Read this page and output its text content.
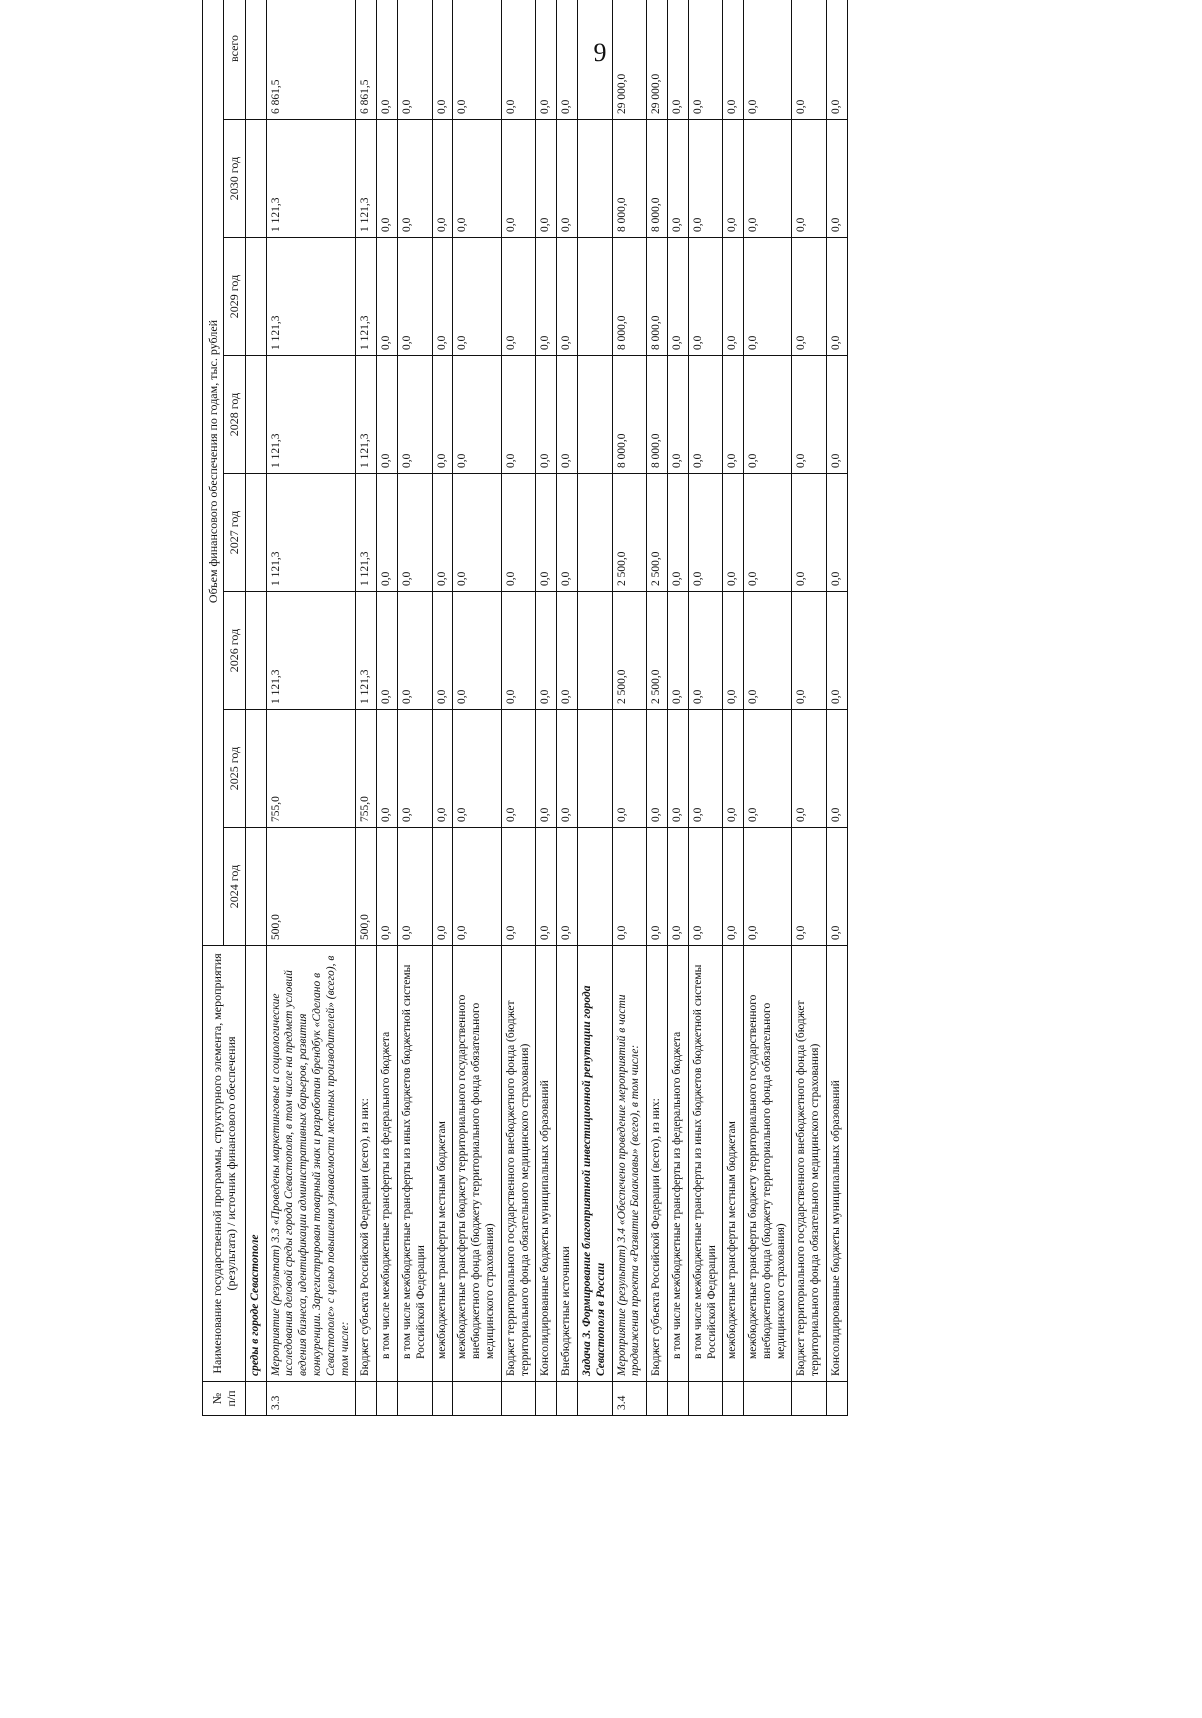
9
№ п/п	Наименование государственной программы, структурного элемента, мероприятия (результата) / источник финансового обеспечения	Объем финансового обеспечения по годам, тыс. рублей							
		2024 год	2025 год	2026 год	2027 год	2028 год	2029 год	2030 год	всего
	среды в городе Севастополе								
3.3	Мероприятие (результат) 3.3 «Проведены маркетинговые и социологические исследования деловой среды города Севастополя, в том числе на предмет условий ведения бизнеса, идентификации административных барьеров, развития конкуренции. Зарегистрирован товарный знак и разработан брендбук «Сделано в Севастополе» с целью повышения узнаваемости местных производителей» (всего), в том числе:	500,0	755,0	1 121,3	1 121,3	1 121,3	1 121,3	1 121,3	6 861,5
	Бюджет субъекта Российской Федерации (всего), из них:	500,0	755,0	1 121,3	1 121,3	1 121,3	1 121,3	1 121,3	6 861,5
	в том числе межбюджетные трансферты из федерального бюджета	0,0	0,0	0,0	0,0	0,0	0,0	0,0	0,0
	в том числе межбюджетные трансферты из иных бюджетов бюджетной системы Российской Федерации	0,0	0,0	0,0	0,0	0,0	0,0	0,0	0,0
	межбюджетные трансферты местным бюджетам	0,0	0,0	0,0	0,0	0,0	0,0	0,0	0,0
	межбюджетные трансферты бюджету территориального государственного внебюджетного фонда (бюджету территориального фонда обязательного медицинского страхования)	0,0	0,0	0,0	0,0	0,0	0,0	0,0	0,0
	Бюджет территориального государственного внебюджетного фонда (бюджет территориального фонда обязательного медицинского страхования)	0,0	0,0	0,0	0,0	0,0	0,0	0,0	0,0
	Консолидированные бюджеты муниципальных образований	0,0	0,0	0,0	0,0	0,0	0,0	0,0	0,0
	Внебюджетные источники	0,0	0,0	0,0	0,0	0,0	0,0	0,0	0,0
	Задача 3. Формирование благоприятной инвестиционной репутации города Севастополя в России								
3.4	Мероприятие (результат) 3.4 «Обеспечено проведение мероприятий в части продвижения проекта «Развитие Балаклавы» (всего), в том числе:	0,0	0,0	2 500,0	2 500,0	8 000,0	8 000,0	8 000,0	29 000,0
	Бюджет субъекта Российской Федерации (всего), из них:	0,0	0,0	2 500,0	2 500,0	8 000,0	8 000,0	8 000,0	29 000,0
	в том числе межбюджетные трансферты из федерального бюджета	0,0	0,0	0,0	0,0	0,0	0,0	0,0	0,0
	в том числе межбюджетные трансферты из иных бюджетов бюджетной системы Российской Федерации	0,0	0,0	0,0	0,0	0,0	0,0	0,0	0,0
	межбюджетные трансферты местным бюджетам	0,0	0,0	0,0	0,0	0,0	0,0	0,0	0,0
	межбюджетные трансферты бюджету территориального государственного внебюджетного фонда (бюджету территориального фонда обязательного медицинского страхования)	0,0	0,0	0,0	0,0	0,0	0,0	0,0	0,0
	Бюджет территориального государственного внебюджетного фонда (бюджет территориального фонда обязательного медицинского страхования)	0,0	0,0	0,0	0,0	0,0	0,0	0,0	0,0
	Консолидированные бюджеты муниципальных образований	0,0	0,0	0,0	0,0	0,0	0,0	0,0	0,0
